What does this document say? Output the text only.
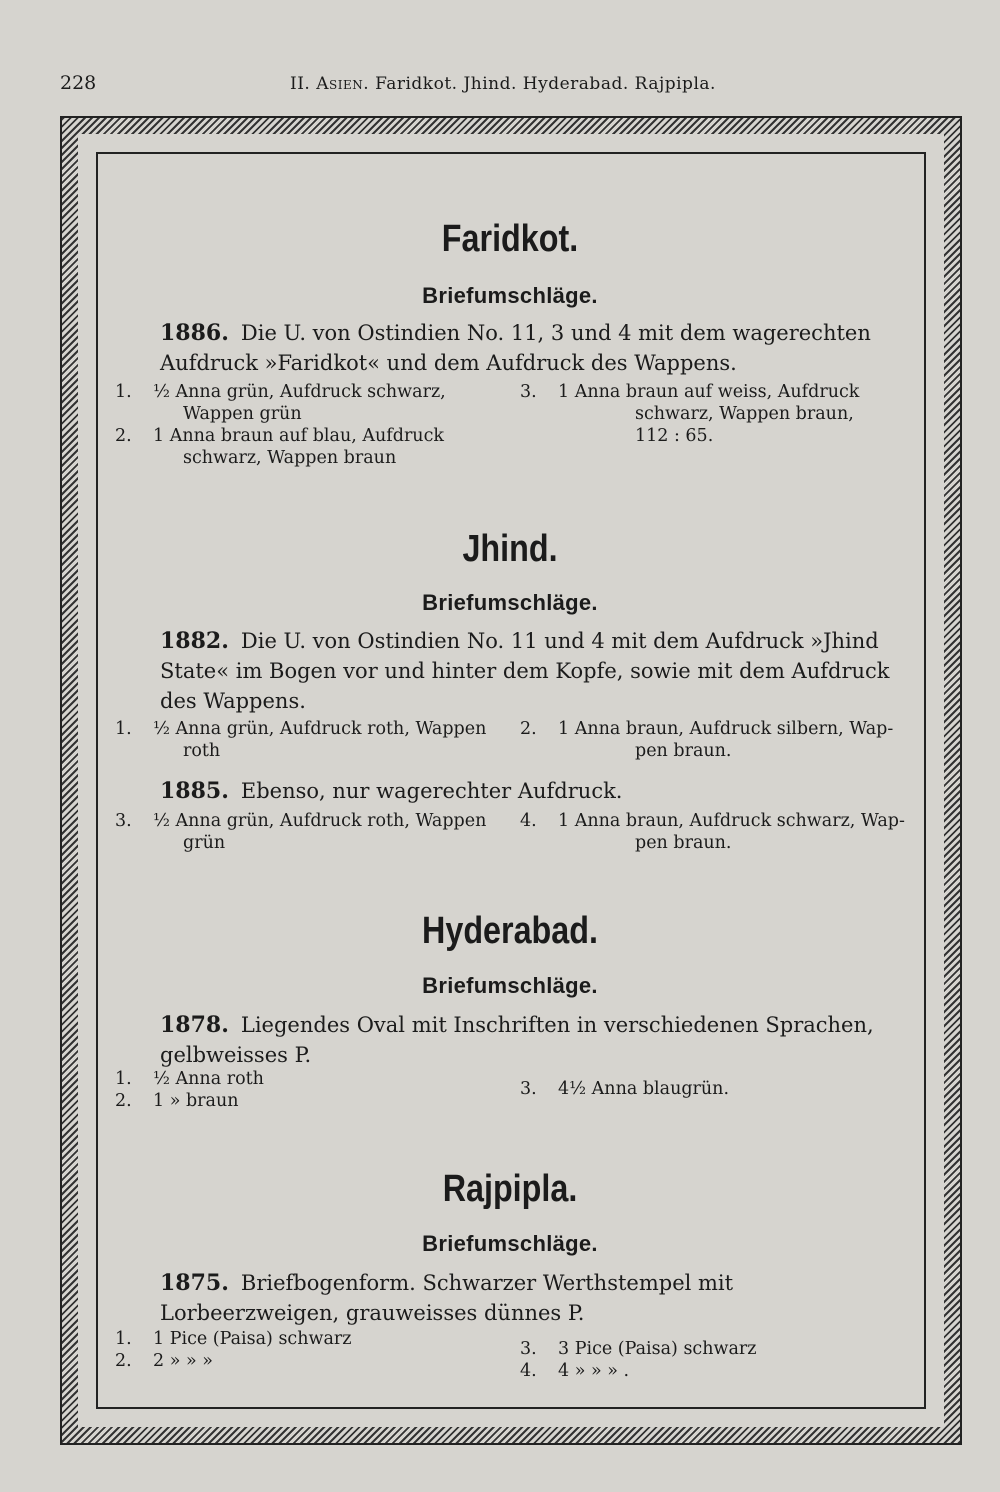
228	II. Asien. Faridkot. Jhind. Hyderabad. Rajpipla.
Faridkot.
Briefumschläge.
1886. Die U. von Ostindien No. 11, 3 und 4 mit dem wagerechten Aufdruck »Faridkot« und dem Aufdruck des Wappens.
1. ½ Anna grün, Aufdruck schwarz,
Wappen grün
2. 1 Anna braun auf blau, Aufdruck
schwarz, Wappen braun
3. 1 Anna braun auf weiss, Aufdruck
schwarz, Wappen braun,
112 : 65.
Jhind.
Briefumschläge.
1882. Die U. von Ostindien No. 11 und 4 mit dem Aufdruck »Jhind State« im Bogen vor und hinter dem Kopfe, sowie mit dem Aufdruck des Wappens.
1. ½ Anna grün, Aufdruck roth, Wappen
roth
2. 1 Anna braun, Aufdruck silbern, Wap-
pen braun.
1885. Ebenso, nur wagerechter Aufdruck.
3. ½ Anna grün, Aufdruck roth, Wappen
grün
4. 1 Anna braun, Aufdruck schwarz, Wap-
pen braun.
Hyderabad.
Briefumschläge.
1878. Liegendes Oval mit Inschriften in verschiedenen Sprachen, gelbweisses P.
1. ½ Anna roth
2. 1 » braun
3. 4½ Anna blaugrün.
Rajpipla.
Briefumschläge.
1875. Briefbogenform. Schwarzer Werthstempel mit Lorbeerzweigen, grauweisses dünnes P.
1. 1 Pice (Paisa) schwarz
2. 2 » » »
3. 3 Pice (Paisa) schwarz
4. 4 » » » .
